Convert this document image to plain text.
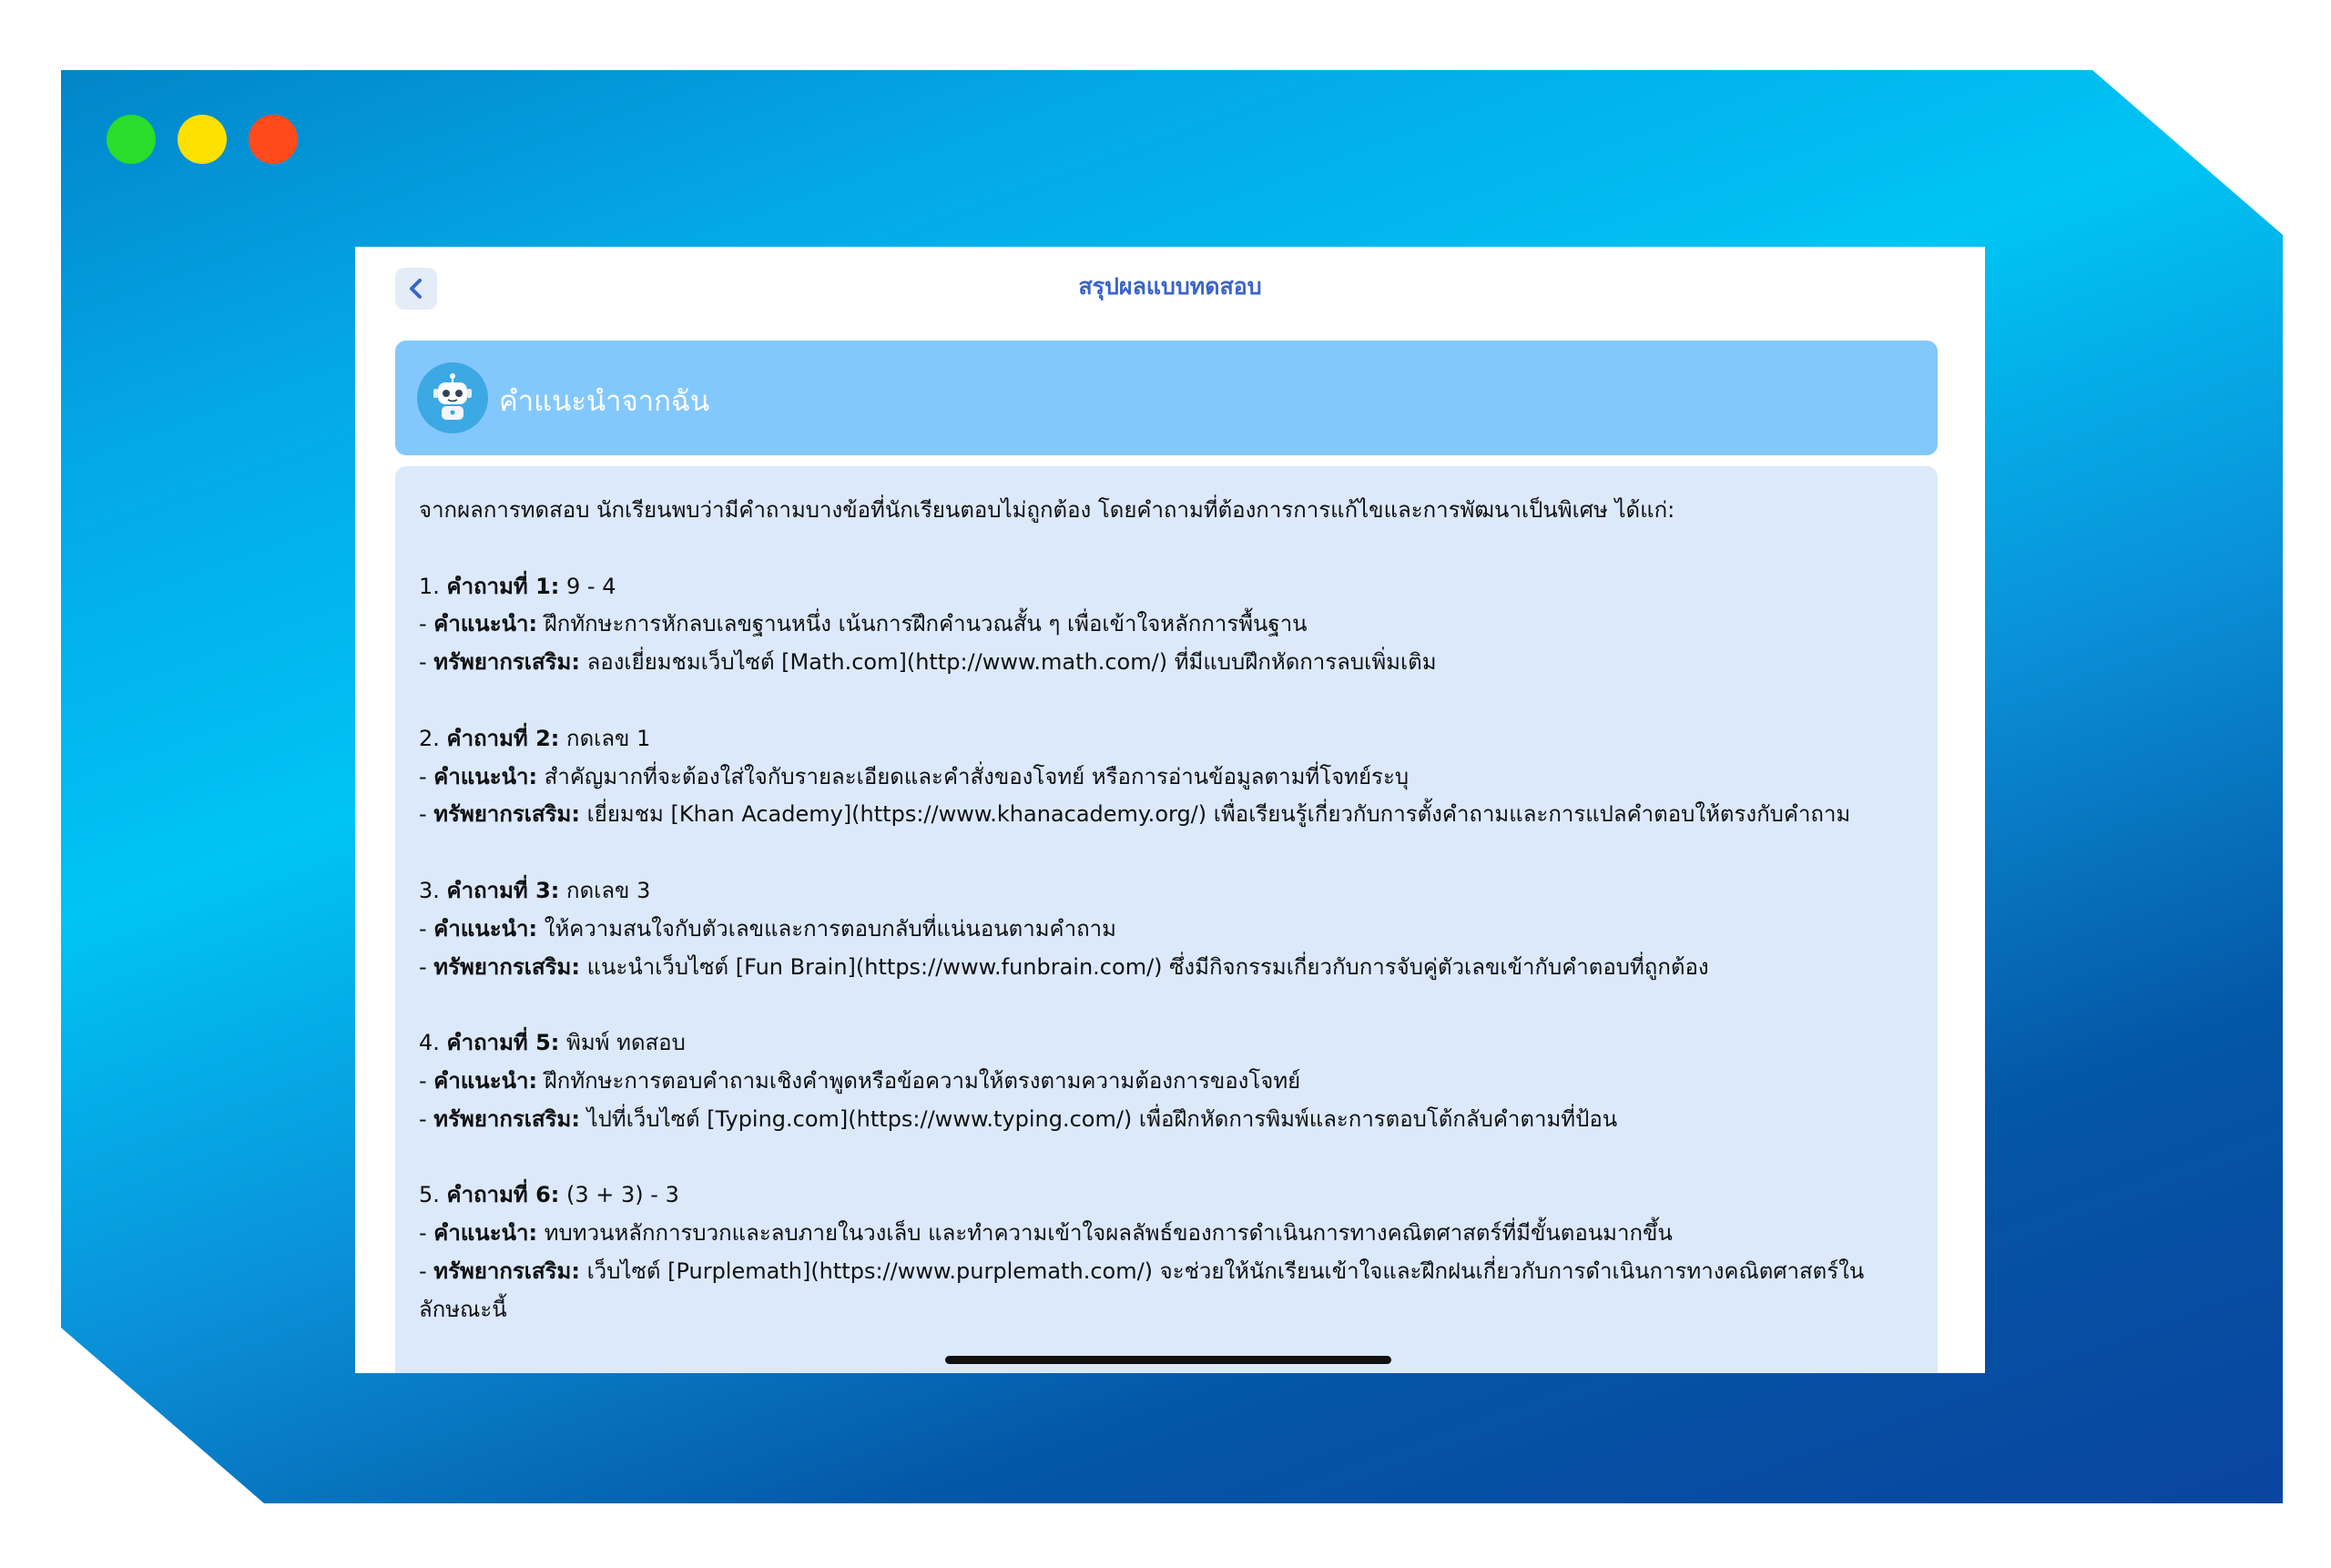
สรุปผลแบบทดสอบ
คำแนะนำจากฉัน

จากผลการทดสอบ นักเรียนพบว่ามีคำถามบางข้อที่นักเรียนตอบไม่ถูกต้อง โดยคำถามที่ต้องการการแก้ไขและการพัฒนาเป็นพิเศษ ได้แก่:

1. คำถามที่ 1: 9 - 4

- คำแนะนำ: ฝึกทักษะการหักลบเลขฐานหนึ่ง เน้นการฝึกคำนวณสั้น ๆ เพื่อเข้าใจหลักการพื้นฐาน

- ทรัพยากรเสริม: ลองเยี่ยมชมเว็บไซต์ [Math.com](http://www.math.com/) ที่มีแบบฝึกหัดการลบเพิ่มเติม

2. คำถามที่ 2: กดเลข 1

- คำแนะนำ: สำคัญมากที่จะต้องใส่ใจกับรายละเอียดและคำสั่งของโจทย์ หรือการอ่านข้อมูลตามที่โจทย์ระบุ

- ทรัพยากรเสริม: เยี่ยมชม [Khan Academy](https://www.khanacademy.org/) เพื่อเรียนรู้เกี่ยวกับการตั้งคำถามและการแปลคำตอบให้ตรงกับคำถาม

3. คำถามที่ 3: กดเลข 3

- คำแนะนำ: ให้ความสนใจกับตัวเลขและการตอบกลับที่แน่นอนตามคำถาม

- ทรัพยากรเสริม: แนะนำเว็บไซต์ [Fun Brain](https://www.funbrain.com/) ซึ่งมีกิจกรรมเกี่ยวกับการจับคู่ตัวเลขเข้ากับคำตอบที่ถูกต้อง

4. คำถามที่ 5: พิมพ์ ทดสอบ

- คำแนะนำ: ฝึกทักษะการตอบคำถามเชิงคำพูดหรือข้อความให้ตรงตามความต้องการของโจทย์

- ทรัพยากรเสริม: ไปที่เว็บไซต์ [Typing.com](https://www.typing.com/) เพื่อฝึกหัดการพิมพ์และการตอบโต้กลับคำตามที่ป้อน

5. คำถามที่ 6: (3 + 3) - 3

- คำแนะนำ: ทบทวนหลักการบวกและลบภายในวงเล็บ และทำความเข้าใจผลลัพธ์ของการดำเนินการทางคณิตศาสตร์ที่มีขั้นตอนมากขึ้น

- ทรัพยากรเสริม: เว็บไซต์ [Purplemath](https://www.purplemath.com/) จะช่วยให้นักเรียนเข้าใจและฝึกฝนเกี่ยวกับการดำเนินการทางคณิตศาสตร์ในลักษณะนี้
